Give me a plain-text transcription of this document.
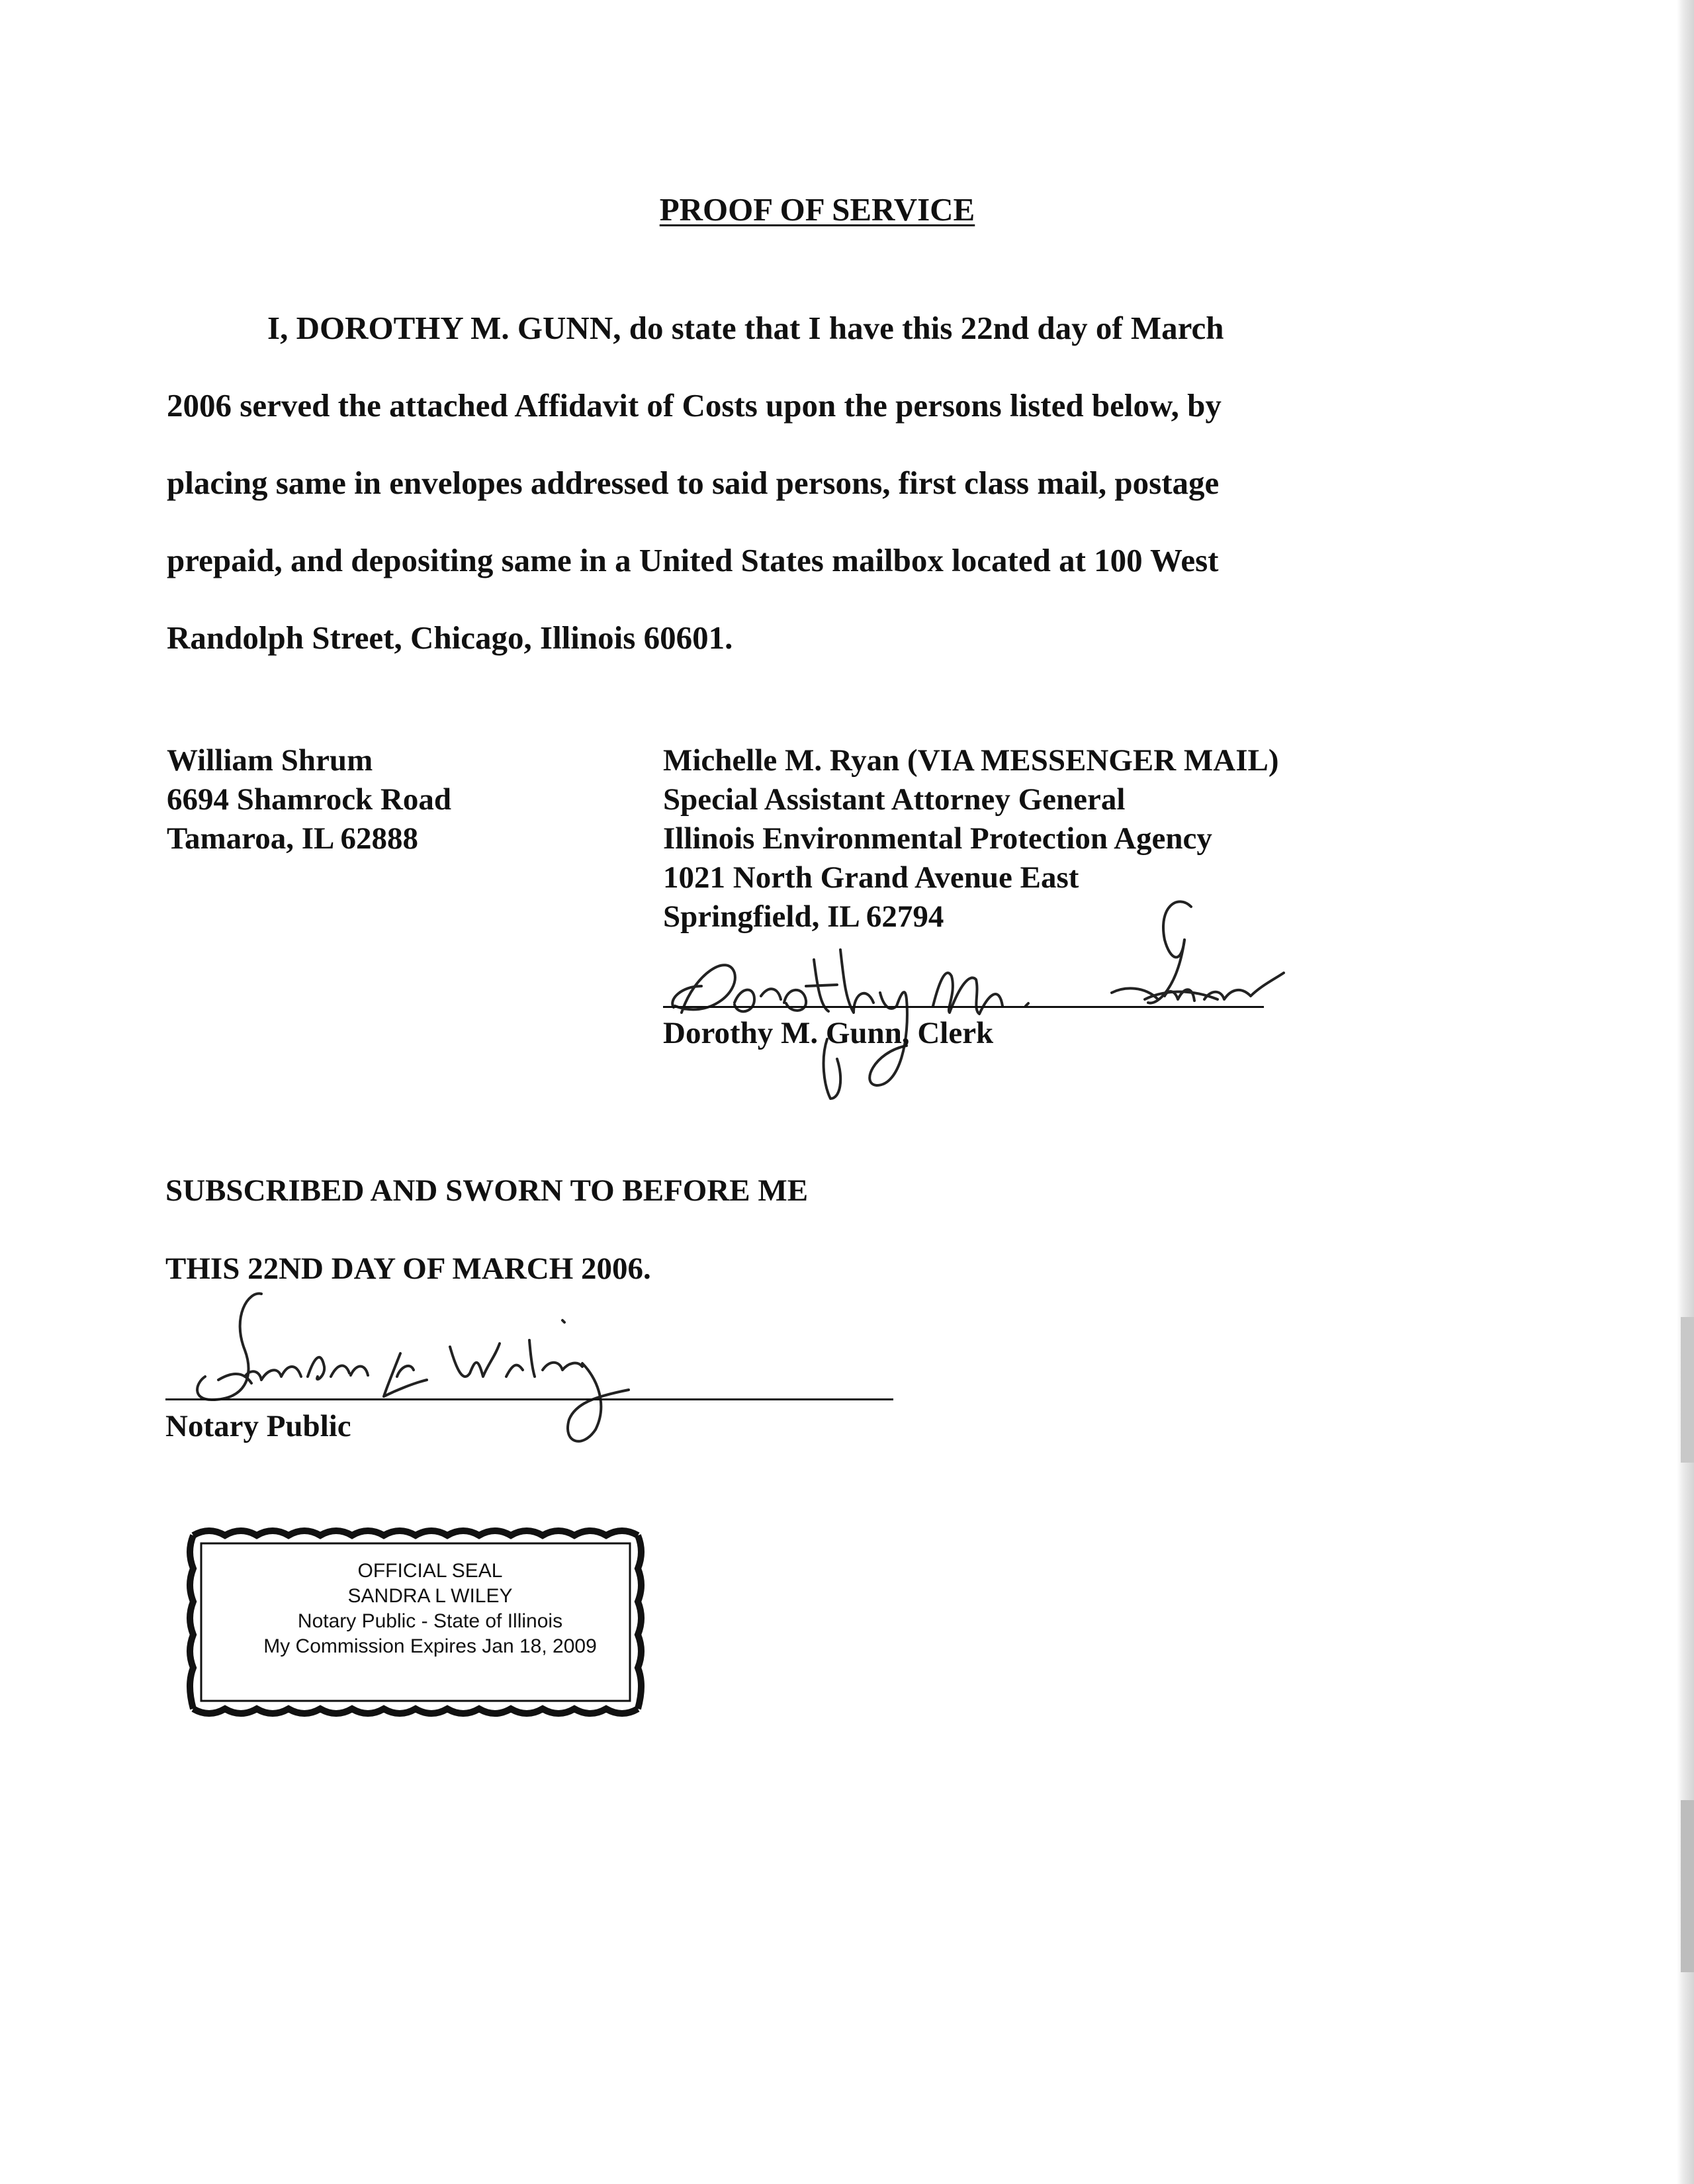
PROOF OF SERVICE
I, DOROTHY M. GUNN, do state that I have this 22nd day of March
2006 served the attached Affidavit of Costs upon the persons listed below, by
placing same in envelopes addressed to said persons, first class mail, postage
prepaid, and depositing same in a United States mailbox located at 100 West
Randolph Street, Chicago, Illinois 60601.
William Shrum
6694 Shamrock Road
Tamaroa, IL 62888
Michelle M. Ryan (VIA MESSENGER MAIL)
Special Assistant Attorney General
Illinois Environmental Protection Agency
1021 North Grand Avenue East
Springfield, IL 62794
Dorothy M. Gunn, Clerk
SUBSCRIBED AND SWORN TO BEFORE ME
THIS 22ND DAY OF MARCH 2006.
Notary Public
OFFICIAL SEAL
SANDRA L WILEY
Notary Public - State of Illinois
My Commission Expires Jan 18, 2009
